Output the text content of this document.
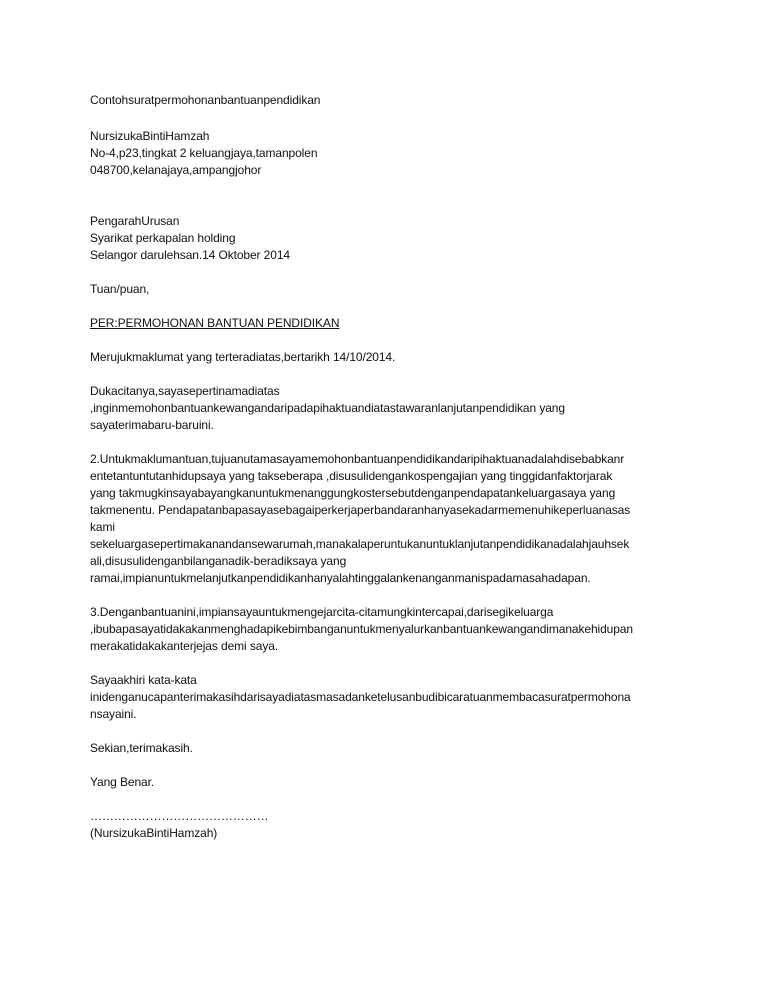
Contohsuratpermohonanbantuanpendidikan
NursizukaBintiHamzah
No-4,p23,tingkat 2 keluangjaya,tamanpolen
048700,kelanajaya,ampangjohor
PengarahUrusan
Syarikat perkapalan holding
Selangor darulehsan.14 Oktober 2014
Tuan/puan,
PER:PERMOHONAN BANTUAN PENDIDIKAN
Merujukmaklumat yang terteradiatas,bertarikh 14/10/2014.
Dukacitanya,sayasepertinamadiatas
,inginmemohonbantuankewangandaripadapihaktuandiatastawaranlanjutanpendidikan yang
sayaterimabaru-baruini.
2.Untukmaklumantuan,tujuanutamasayamemohonbantuanpendidikandaripihaktuanadalahdisebabkanr
entetantuntutanhidupsaya yang takseberapa ,disusulidengankospengajian yang tinggidanfaktorjarak
yang takmugkinsayabayangkanuntukmenanggungkostersebutdenganpendapatankeluargasaya yang
takmenentu. Pendapatanbapasayasebagaiperkerjaperbandaranhanyasekadarmemenuhikeperluanasas
kami
sekeluargasepertimakanandansewarumah,manakalaperuntukanuntuklanjutanpendidikanadalahjauhsek
ali,disusulidenganbilanganadik-beradiksaya yang
ramai,impianuntukmelanjutkanpendidikanhanyalahtinggalankenanganmanispadamasahadapan.
3.Denganbantuanini,impiansayauntukmengejarcita-citamungkintercapai,darisegikeluarga
,ibubapasayatidakakanmenghadapikebimbanganuntukmenyalurkanbantuankewangandimanakehidupan
merakatidakakanterjejas demi saya.
Sayaakhiri kata-kata
inidenganucapanterimakasihdarisayadiatasmasadanketelusanbudibicaratuanmembacasuratpermohona
nsayaini.
Sekian,terimakasih.
Yang Benar.
………………………………………
(NursizukaBintiHamzah)
